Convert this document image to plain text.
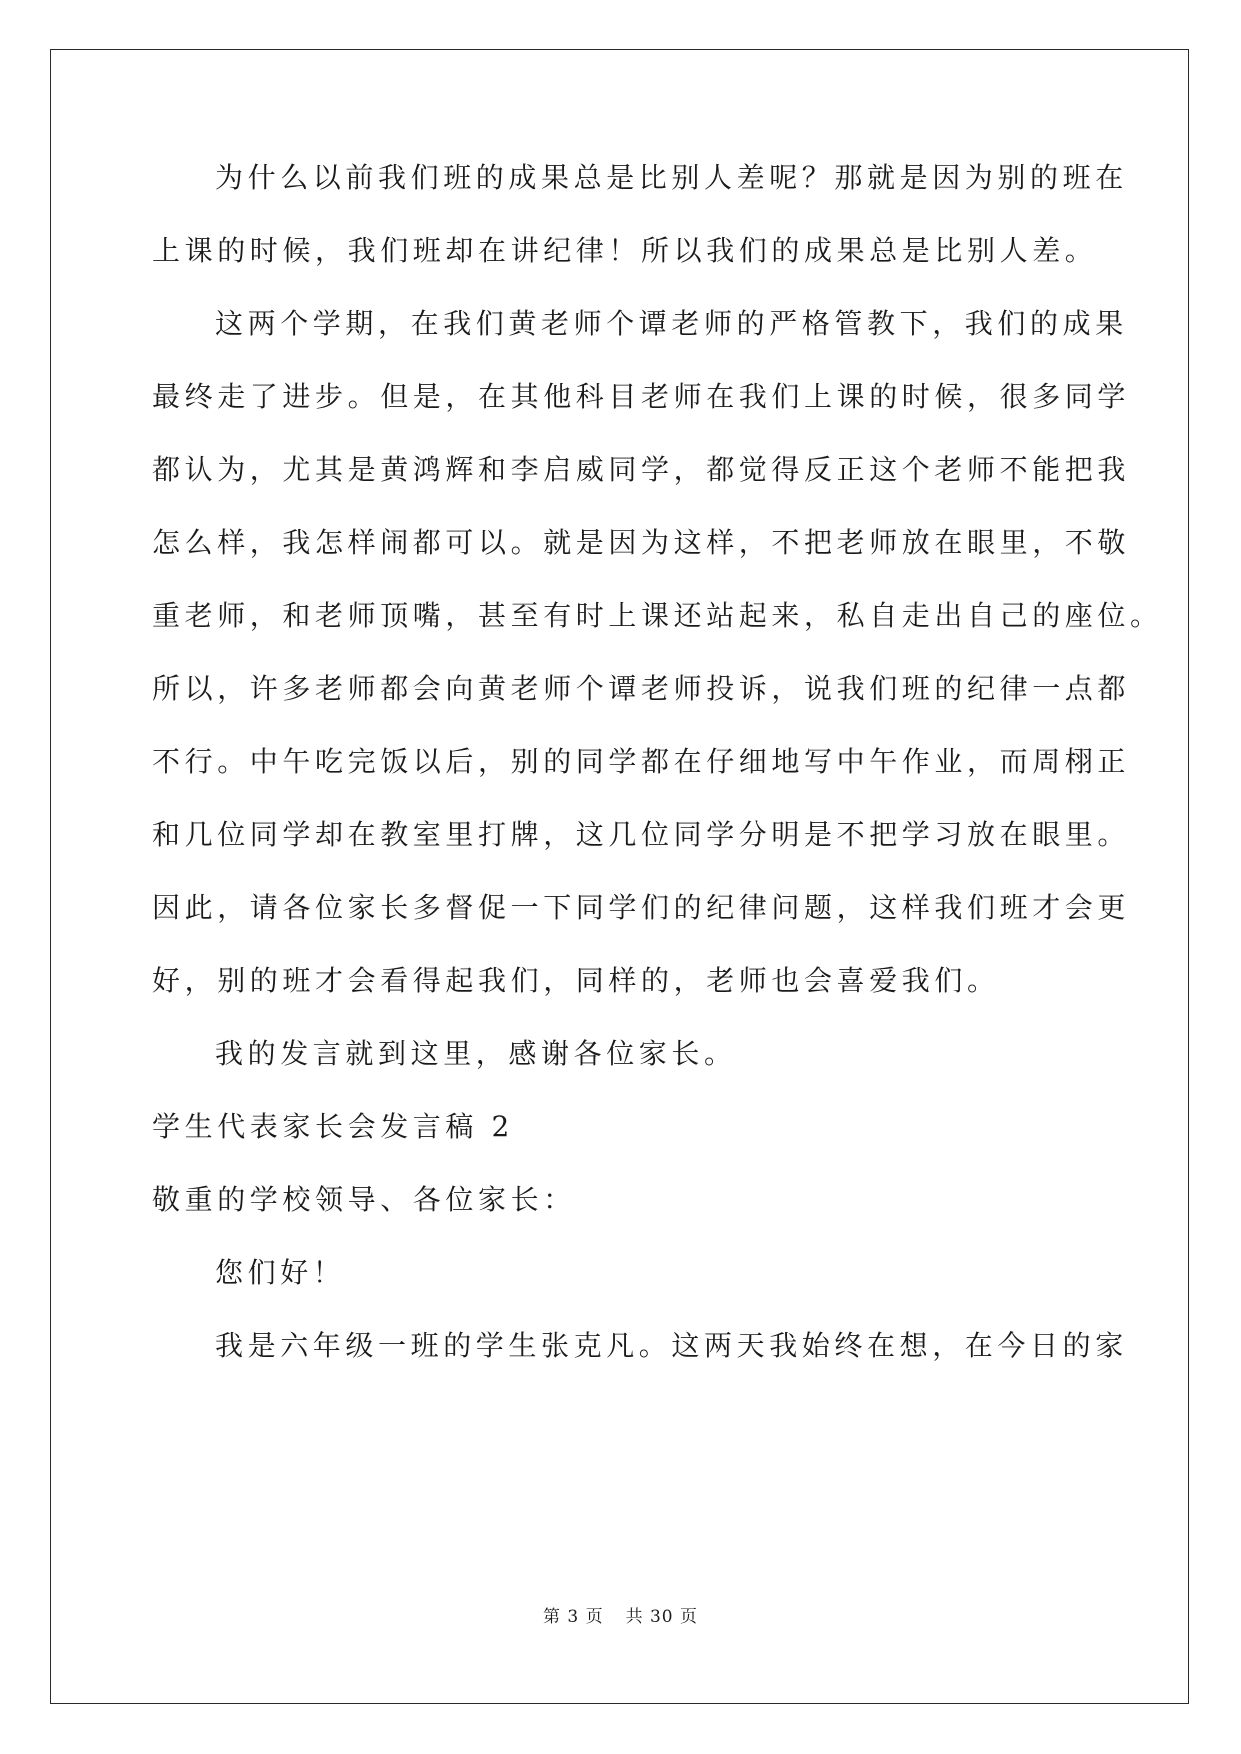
为什么以前我们班的成果总是比别人差呢？那就是因为别的班在
上课的时候，我们班却在讲纪律！所以我们的成果总是比别人差。
这两个学期，在我们黄老师个谭老师的严格管教下，我们的成果
最终走了进步。但是，在其他科目老师在我们上课的时候，很多同学
都认为，尤其是黄鸿辉和李启威同学，都觉得反正这个老师不能把我
怎么样，我怎样闹都可以。就是因为这样，不把老师放在眼里，不敬
重老师，和老师顶嘴，甚至有时上课还站起来，私自走出自己的座位。
所以，许多老师都会向黄老师个谭老师投诉，说我们班的纪律一点都
不行。中午吃完饭以后，别的同学都在仔细地写中午作业，而周栩正
和几位同学却在教室里打牌，这几位同学分明是不把学习放在眼里。
因此，请各位家长多督促一下同学们的纪律问题，这样我们班才会更
好，别的班才会看得起我们，同样的，老师也会喜爱我们。
我的发言就到这里，感谢各位家长。
学生代表家长会发言稿 2
敬重的学校领导、各位家长：
您们好！
我是六年级一班的学生张克凡。这两天我始终在想，在今日的家
第 3 页 共 30 页
